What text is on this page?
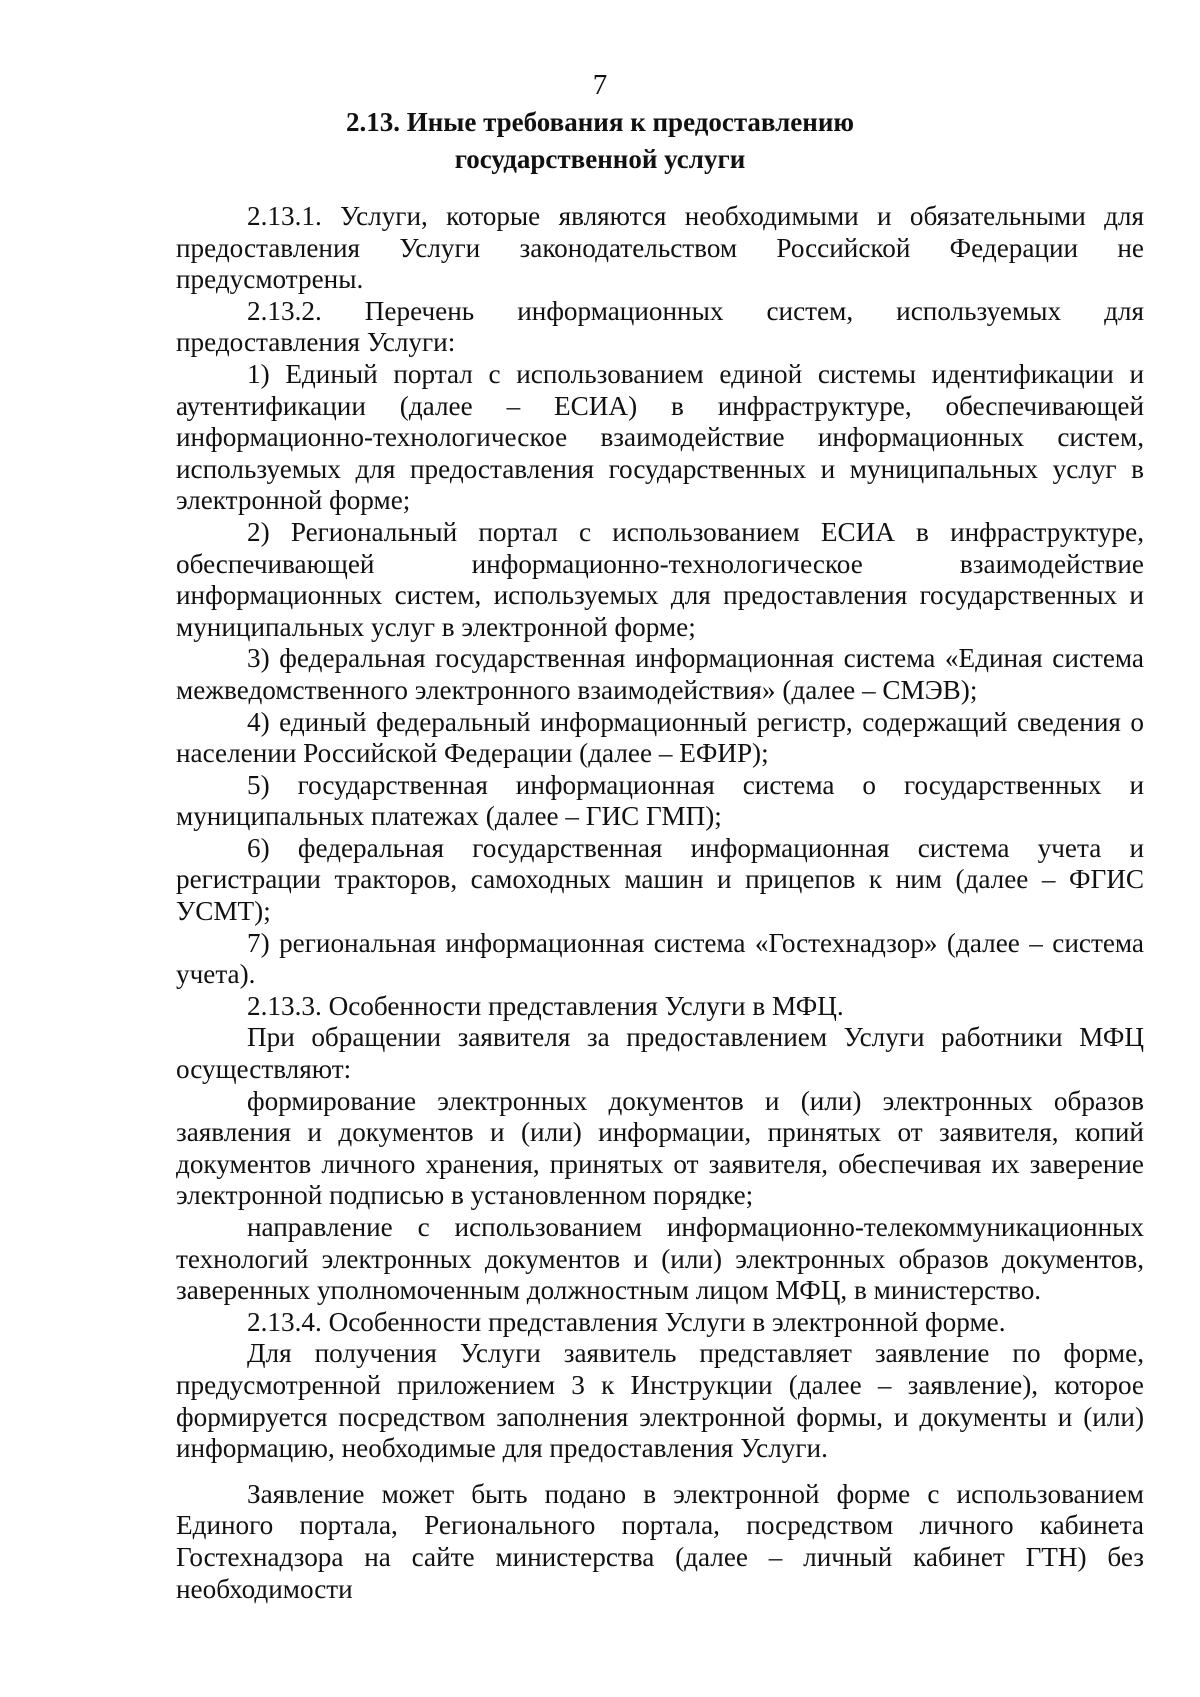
7
2.13. Иные требования к предоставлению
государственной услуги

2.13.1. Услуги, которые являются необходимыми и обязательными для предоставления Услуги законодательством Российской Федерации не предусмотрены.

2.13.2. Перечень информационных систем, используемых для предоставления Услуги:

1) Единый портал с использованием единой системы идентификации и аутентификации (далее – ЕСИА) в инфраструктуре, обеспечивающей информационно-технологическое взаимодействие информационных систем, используемых для предоставления государственных и муниципальных услуг в электронной форме;

2) Региональный портал с использованием ЕСИА в инфраструктуре, обеспечивающей информационно-технологическое взаимодействие информационных систем, используемых для предоставления государственных и муниципальных услуг в электронной форме;

3) федеральная государственная информационная система «Единая система межведомственного электронного взаимодействия» (далее – СМЭВ);

4) единый федеральный информационный регистр, содержащий сведения о населении Российской Федерации (далее – ЕФИР);

5) государственная информационная система о государственных и муниципальных платежах (далее – ГИС ГМП);

6) федеральная государственная информационная система учета и регистрации тракторов, самоходных машин и прицепов к ним (далее – ФГИС УСМТ);

7) региональная информационная система «Гостехнадзор» (далее – система учета).

2.13.3. Особенности представления Услуги в МФЦ.

При обращении заявителя за предоставлением Услуги работники МФЦ осуществляют:

формирование электронных документов и (или) электронных образов заявления и документов и (или) информации, принятых от заявителя, копий документов личного хранения, принятых от заявителя, обеспечивая их заверение электронной подписью в установленном порядке;

направление с использованием информационно-телекоммуникационных технологий электронных документов и (или) электронных образов документов, заверенных уполномоченным должностным лицом МФЦ, в министерство.

2.13.4. Особенности представления Услуги в электронной форме.

Для получения Услуги заявитель представляет заявление по форме, предусмотренной приложением 3 к Инструкции (далее – заявление), которое формируется посредством заполнения электронной формы, и документы и (или) информацию, необходимые для предоставления Услуги.

Заявление может быть подано в электронной форме с использованием Единого портала, Регионального портала, посредством личного кабинета Гостехнадзора на сайте министерства (далее – личный кабинет ГТН) без необходимости
